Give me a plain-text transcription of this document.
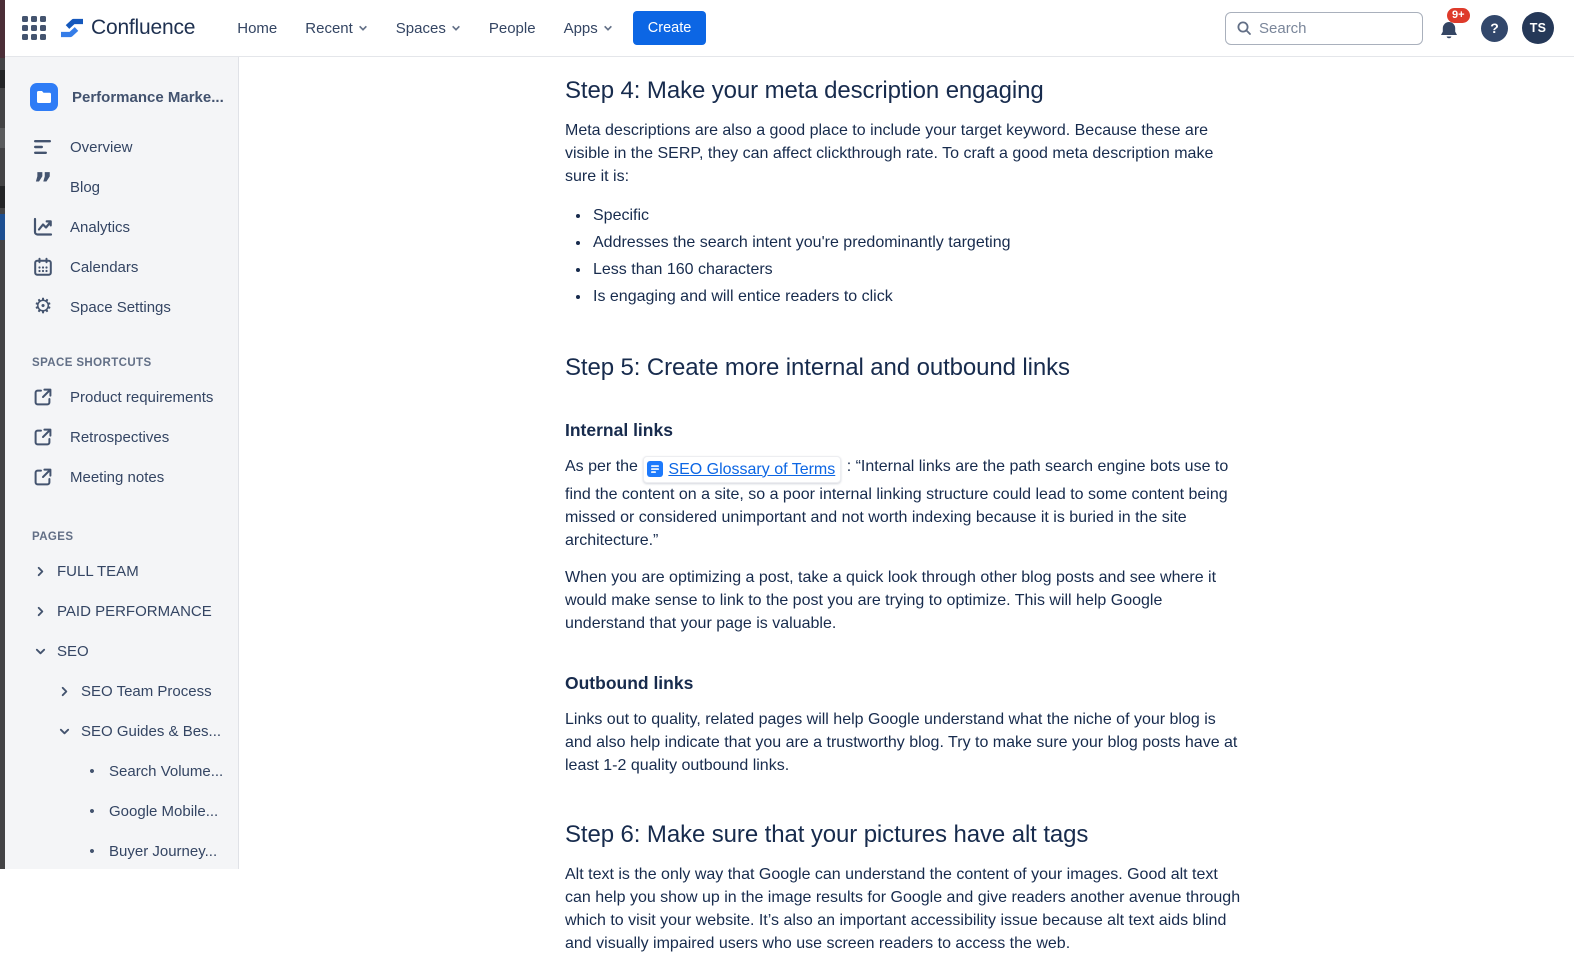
Confluence	Home Recent	Spaces	People Apps	Create
Search
9+
? TS
Performance Marke...
Overview
” Blog
Analytics
Calendars
⚙ Space Settings
SPACE SHORTCUTS
Product requirements
Retrospectives
Meeting notes
PAGES
FULL TEAM
PAID PERFORMANCE
SEO
SEO Team Process
SEO Guides & Bes...
• Search Volume...
• Google Mobile...
• Buyer Journey...
Step 4: Make your meta description engaging

Meta descriptions are also a good place to include your target keyword. Because these are visible in the SERP, they can affect clickthrough rate. To craft a good meta description make sure it is:

• Specific
• Addresses the search intent you're predominantly targeting
• Less than 160 characters
• Is engaging and will entice readers to click
Step 5: Create more internal and outbound links
Internal links

As per the SEO Glossary of Terms : “Internal links are the path search engine bots use to find the content on a site, so a poor internal linking structure could lead to some content being missed or considered unimportant and not worth indexing because it is buried in the site architecture.”

When you are optimizing a post, take a quick look through other blog posts and see where it would make sense to link to the post you are trying to optimize. This will help Google understand that your page is valuable.

Outbound links

Links out to quality, related pages will help Google understand what the niche of your blog is and also help indicate that you are a trustworthy blog. Try to make sure your blog posts have at least 1-2 quality outbound links.

Step 6: Make sure that your pictures have alt tags

Alt text is the only way that Google can understand the content of your images. Good alt text can help you show up in the image results for Google and give readers another avenue through which to visit your website. It’s also an important accessibility issue because alt text aids blind and visually impaired users who use screen readers to access the web.
